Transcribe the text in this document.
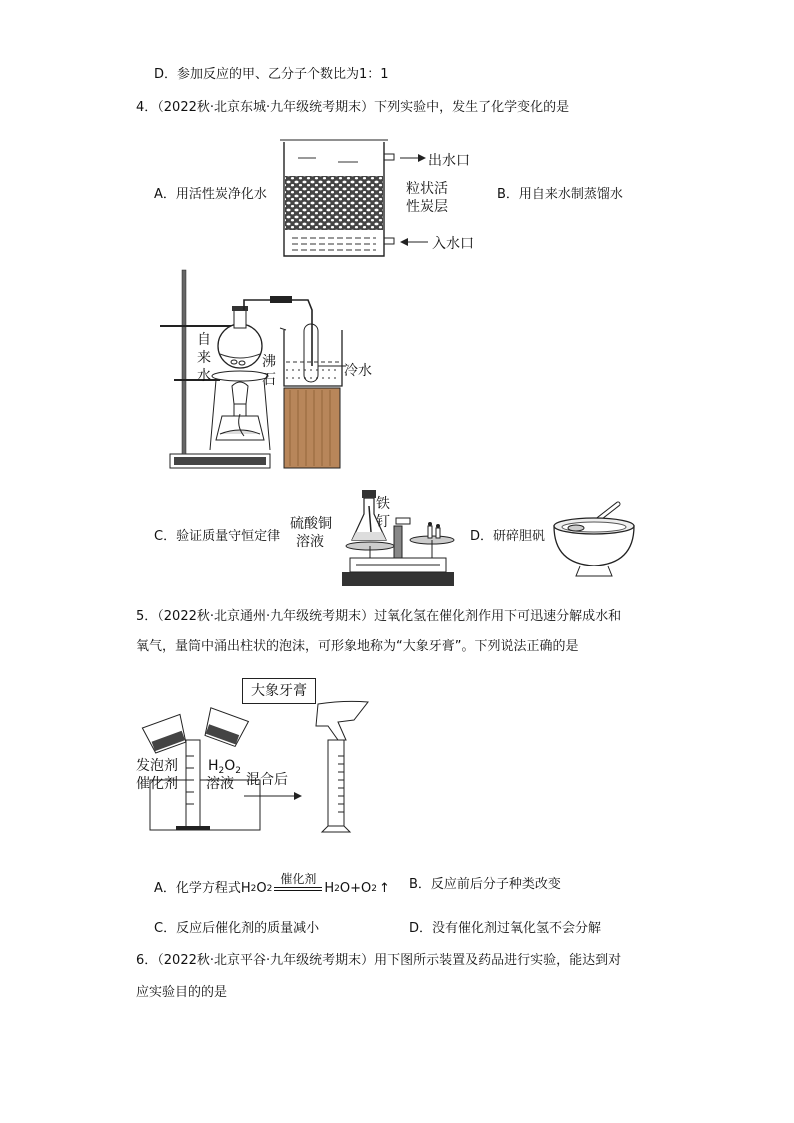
D．参加反应的甲、乙分子个数比为1：1
4．（2022秋·北京东城·九年级统考期末）下列实验中，发生了化学变化的是
A．用活性炭净化水
出水口
粒状活
性炭层
入水口
B．用自来水制蒸馏水
自
来
水
沸
石
冷水
C．验证质量守恒定律
硫酸铜
溶液
铁
钉
D．研碎胆矾
5．（2022秋·北京通州·九年级统考期末）过氧化氢在催化剂作用下可迅速分解成水和
氧气，量筒中涌出柱状的泡沫，可形象地称为“大象牙膏”。下列说法正确的是
大象牙膏
发泡剂
催化剂
$H_2O_2$
溶液 混合后
A．化学方程式H 2 O 2
催化剂
H 2 O+O 2 ↑ B．反应前后分子种类改变
C．反应后催化剂的质量减小	D．没有催化剂过氧化氢不会分解
6．（2022秋·北京平谷·九年级统考期末）用下图所示装置及药品进行实验，能达到对
应实验目的的是
